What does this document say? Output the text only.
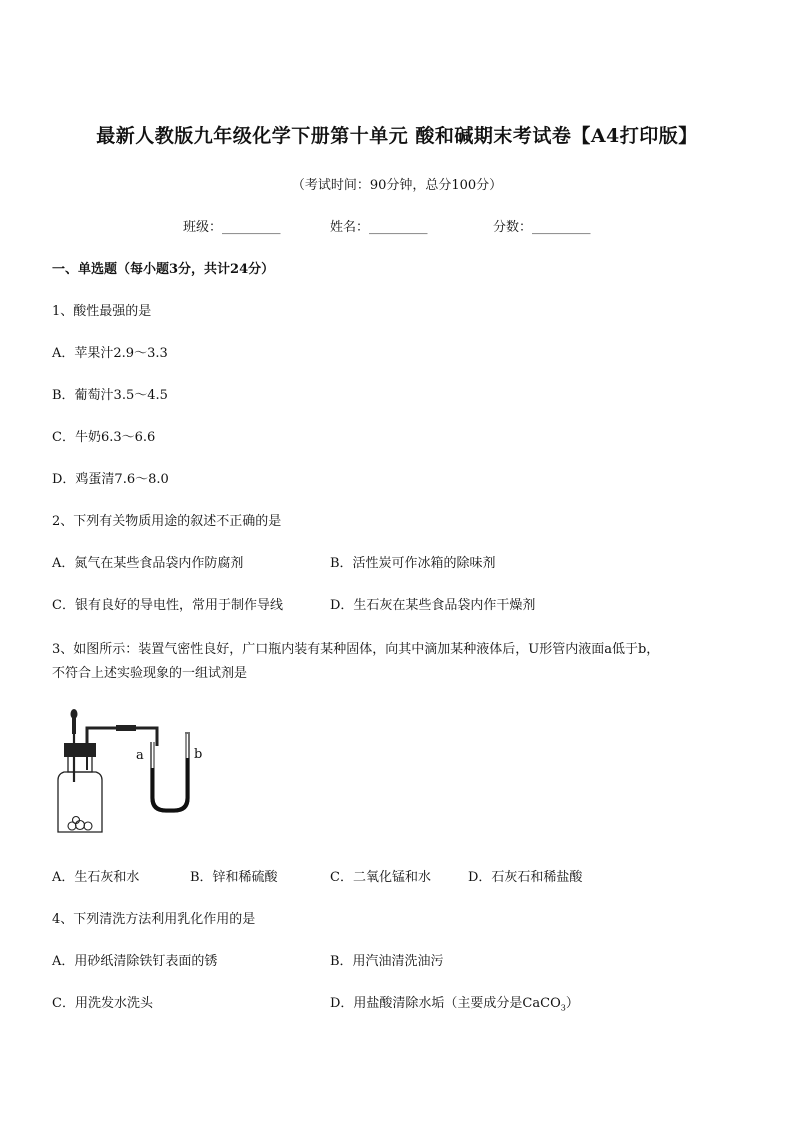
最新人教版九年级化学下册第十单元 酸和碱期末考试卷【A4打印版】
（考试时间：90分钟，总分100分）
班级：_________	姓名：_________	分数：_________
一、单选题（每小题3分，共计24分）
1、酸性最强的是
A．苹果汁2.9～3.3
B．葡萄汁3.5～4.5
C．牛奶6.3～6.6
D．鸡蛋清7.6～8.0
2、下列有关物质用途的叙述不正确的是
A．氮气在某些食品袋内作防腐剂	B．活性炭可作冰箱的除味剂
C．银有良好的导电性，常用于制作导线	D．生石灰在某些食品袋内作干燥剂
3、如图所示：装置气密性良好，广口瓶内装有某种固体，向其中滴加某种液体后，U形管内液面a低于b，
不符合上述实验现象的一组试剂是
a	b
A．生石灰和水	B．锌和稀硫酸	C．二氧化锰和水	D．石灰石和稀盐酸
4、下列清洗方法利用乳化作用的是
A．用砂纸清除铁钉表面的锈	B．用汽油清洗油污
C．用洗发水洗头	D．用盐酸清除水垢（主要成分是CaCO$_3$）
